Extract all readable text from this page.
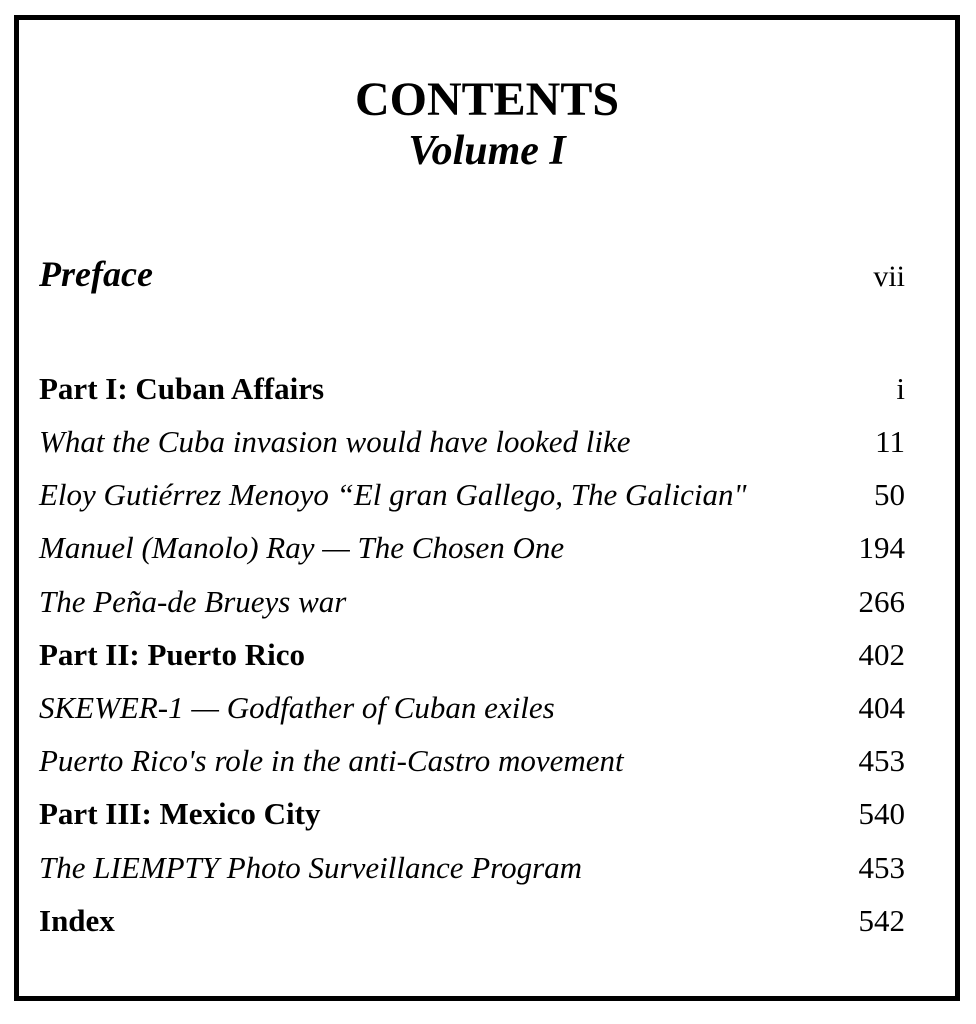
CONTENTS
Volume I
Preface	vii
Part I: Cuban Affairs	i
What the Cuba invasion would have looked like	11
Eloy Gutiérrez Menoyo “El gran Gallego, The Galician"	50
Manuel (Manolo) Ray — The Chosen One	194
The Peña-de Brueys war	266
Part II: Puerto Rico	402
SKEWER-1 — Godfather of Cuban exiles	404
Puerto Rico's role in the anti-Castro movement	453
Part III: Mexico City	540
The LIEMPTY Photo Surveillance Program	453
Index	542
